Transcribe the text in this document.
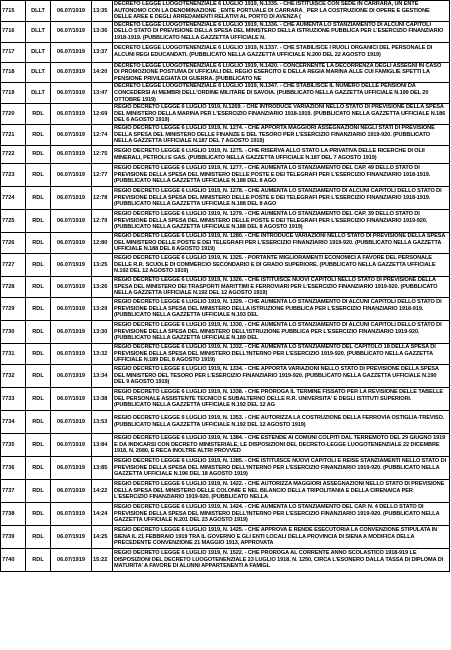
7715	DLLT	06.07/1919	13:35	DECRETO LEGGE LUOGOTENENZIALE 6 LUGLIO 1919, N.1335. - CHE ISTITUISCE CON SEDE IN CARRARA, UN ENTE AUTONOMO CON LA DENOMINAZIONE _ENTE PORTUALE DI CARRARA_ PER LA COSTRUZIONE DI OPERE E GESTIONE DELLE AREE E DEGLI ARREDAMENTI RELATIVI AL PORTO DI AVENZA (
7716	DLLT	06.07/1919	13:36	DECRETO LEGGE LUOGOTENENZIALE 6 LUGLIO 1919, N.1336. - CHE AUMENTA LO STANZIAMENTO DI ALCUNI CAPITOLI DELLO STATO DI PREVISIONE DELLA SPESA DEL MINISTERO DELLA ISTRUZIONE PUBBLICA PER L'ESERCIZIO FINANZIARIO 1918-1919. (PUBBLICATO NELLA GAZZETTA UFFICIALE N.
7717	DLLT	06.07/1919	13:37	DECRETO LEGGE LUOGOTENENZIALE 6 LUGLIO 1919, N.1337. - CHE STABILISCE I RUOLI ORGANICI DEL PERSONALE DI ALCUNI REGI EDUCANDATI. (PUBBLICATO NELLA GAZZETTA UFFICIALE N.200 DEL 22 AGOSTO 1919)
7718	DLLT	06.07/1919	14:20	DECRETO LEGGE LUOGOTENENZIALE 6 LUGLIO 1919, N.1420. - CONCERNENTE LA DECORRENZA DEGLI ASSEGNI IN CASO DI PROMOZIONE POSTUMA DI UFFICIALI DEL REGIO ESERCITO E DELLA REGIA MARINA ALLE CUI FAMIGLIE SPETTI LA PENSIONE PRIVILEGIATA DI GUERRA. (PUBBLICATO NE
7719	DLLT	06.07/1919	13:47	DECRETO LEGGE LUOGOTENENZIALE 6 LUGLIO 1919, N.1347. - CHE STABILISCE IL NUMERO DELLE PENSIONI DA CONCEDERSI AI MEMBRI DELL'ORDINE MILITARE DI SAVOIA. (PUBBLICATO NELLA GAZZETTA UFFICIALE N.199 DEL 20 OTTOBRE 1919)
7720	RDL	06.07/1919	12:69	REGIO DECRETO LEGGE 6 LUGLIO 1919, N.1269. - CHE INTRODUCE VARIAZIONI NELLO STATO DI PREVISIONE DELLA SPESA DEL MINISTERO DELLA MARINA PER L'ESERCIZIO FINANZIARIO 1918-1919. (PUBBLICATO NELLA GAZZETTA UFFICIALE N.186 DEL 6 AGOSTO 1919)
7721	RDL	06.07/1919	12:74	REGIO DECRETO LEGGE 6 LUGLIO 1919, N. 1274. - CHE APPORTA MAGGIORI ASSEGNAZIONI NEGLI STATI DI PREVISIONE DELLA SPESA DEL MINISTERO DELLE FINANZE E DEL TESORO PER L'ESERCIZIO FINANZIARIO 1919-920. (PUBBLICATO NELLA GAZZETTA UFFICIALE N.187 DEL 7 AGOSTO 1919)
7722	RDL	06.07/1919	12:75	REGIO DECRETO LEGGE 6 LUGLIO 1919, N. 1275. - CHE RISERVA ALLO STATO LA PRIVATIVA DELLE RICERCHE DI OLII MINERALI, PETROLI E GAS. (PUBBLICATO NELLA GAZZETTA UFFICIALE N.187 DEL 7 AGOSTO 1919)
7723	RDL	06.07/1919	12:77	REGIO DECRETO LEGGE 6 LUGLIO 1919, N. 1277. - CHE AUMENTA LO STANZIAMENTO DEL CAP. 49 DELLO STATO DI PREVISIONE DELLA SPESA DEL MINISTERO DELLE POSTE E DEI TELEGRAFI PER L'ESERCIZIO FINANZIARIO 1918-1919. (PUBBLICATO NELLA GAZZETTA UFFICIALE N.188 DEL 8 AGO
7724	RDL	06.07/1919	12:78	REGIO DECRETO LEGGE 6 LUGLIO 1919, N. 1278. - CHE AUMENTA LO STANZIAMENTO DI ALCUNI CAPITOLI DELLO STATO DI PREVISIONE DELLA SPESA DEL MINISTERO DELLE POSTE E DEI TELEGRAFI PER L'ESERCIZIO FINANZIARIO 1918-1919. (PUBBLICATO NELLA GAZZETTA UFFICIALE N.188 DEL 8 AGO
7725	RDL	06.07/1919	12:79	REGIO DECRETO LEGGE 6 LUGLIO 1919, N. 1279. - CHE AUMENTA LO STANZIAMENTO DEL CAP. 39 DELLO STATO DI PREVISIONE DELLA SPESA DEL MINISTERO DELLE POSTE E DEI TELEGRAFI PER L'ESERCIZIO FINANZIARIO 1919-920. (PUBBLICATO NELLA GAZZETTA UFFICIALE N.188 DEL 8 AGOSTO 1919)
7726	RDL	06.07/1919	12:80	REGIO DECRETO LEGGE 6 LUGLIO 1919, N. 1280. - CHE INTRODUCE VARIAZIONI NELLO STATO DI PREVISIONE DELLA SPESA DEL MINISTERO DELLE POSTE E DEI TELEGRAFI PER L'ESERCIZIO FINANZIARIO 1919-920. (PUBBLICATO NELLA GAZZETTA UFFICIALE N.188 DEL 8 AGOSTO 1919)
7727	RDL	06.07/1919	13:25	REGIO DECRETO LEGGE 6 LUGLIO 1919, N. 1325. - PORTANTE MIGLIORAMENTI ECONOMICI A FAVORE DEL PERSONALE DELLE R.R. SCUOLE DI COMMERCIO SECONDARIO E DI GRADO SUPERIORE. (PUBBLICATO NELLA GAZZETTA UFFICIALE N.192 DEL 12 AGOSTO 1919)
7728	RDL	06.07/1919	13:26	REGIO DECRETO LEGGE 6 LUGLIO 1919, N. 1326. - CHE ISTITUISCE NUOVI CAPITOLI NELLO STATO DI PREVISIONE DELLA SPESA DEL MINISTERO DEI TRASPORTI MARITTIMI E FERROVIARI PER L'ESERCIZIO FINANZIARIO 1919-920. (PUBBLICATO NELLA GAZZETTA UFFICIALE N.192 DEL 12 AGOSTO 1919)
7729	RDL	06.07/1919	13:29	REGIO DECRETO LEGGE 6 LUGLIO 1919, N. 1329. - CHE AUMENTA LO STANZIAMENTO DI ALCUNI CAPITOLI DELLO STATO DI PREVISIONE DELLA SPESA DEL MINISTERO DELLA ISTRUZIONE PUBBLICA PER L'ESERCIZIO FINANZIARIO 1918-919. (PUBBLICATO NELLA GAZZETTA UFFICIALE N.193 DEL
7730	RDL	06.07/1919	13:30	REGIO DECRETO LEGGE 6 LUGLIO 1919, N. 1330. - CHE AUMENTA LO STANZIAMENTO DI ALCUNI CAPITOLI DELLO STATO DI PREVISIONE DELLA SPESA DEL MINISTERO DELL'ISTRUZIONE PUBBLICA PER L'ESERCIZIO FINANZIARIO 1919-920. (PUBBLICATO NELLA GAZZETTA UFFICIALE N.189 DEL
7731	RDL	06.07/1919	13:32	REGIO DECRETO LEGGE 6 LUGLIO 1919, N. 1332. - CHE AUMENTA LO STANZIAMENTO DEL CAPITOLO 18 DELLA SPESA DI PREVISIONE DELLA SPESA DEL MINISTERO DELL'INTERNO PER L'ESERCIZIO 1919-920. (PUBBLICATO NELLA GAZZETTA UFFICIALE N.189 DEL 8 AGOSTO 1919)
7732	RDL	06.07/1919	13:34	REGIO DECRETO LEGGE 6 LUGLIO 1919, N. 1334. - CHE APPORTA VARIAZIONI NELLO STATO DI PREVISIONE DELLA SPESA DEL MINISTERO DEL TESORO PER L'ESERCIZIO FINANZIARIO 1919-920. (PUBBLICATO NELLA GAZZETTA UFFICIALE N.190 DEL 9 AGOSTO 1919)
7733	RDL	06.07/1919	13:38	REGIO DECRETO LEGGE 6 LUGLIO 1919, N. 1338. - CHE PROROGA IL TERMINE FISSATO PER LA REVISIONE DELLE TABELLE DEL PERSONALE ASSISTENTE TECNICO E SUBALTERNO DELLE R.R. UNIVERSITA' E DEGLI ISTITUTI SUPERIORI. (PUBBLICATO NELLA GAZZETTA UFFICIALE N.192 DEL 12 AG
7734	RDL	06.07/1919	13:53	REGIO DECRETO LEGGE 6 LUGLIO 1919, N. 1353. - CHE AUTORIZZA LA COSTRUZIONE DELLA FERROVIA OSTIGLIA-TREVISO. (PUBBLICATO NELLA GAZZETTA UFFICIALE N.192 DEL 12 AGOSTO 1919)
7735	RDL	06.07/1919	13:84	REGIO DECRETO LEGGE 6 LUGLIO 1919, N. 1384. - CHE ESTENDE AI COMUNI COLPITI DAL TERREMOTO DEL 29 GIUGNO 1919 E DA INDICARSI CON DECRETO MINISTERIALE, LE DISPOSIZIONI DEL DECRETO-LEGGE LUOGOTENENZIALE 22 DICEMBRE 1918, N. 2080, E RECA INOLTRE ALTRI PROVVED
7736	RDL	06.07/1919	13:85	REGIO DECRETO LEGGE 6 LUGLIO 1919, N. 1385. - CHE ISTITUISCE NUOVI CAPITOLI E REISE STANZIAMENTI NELLO STATO DI PREVISIONE DELLA SPESA DEL MINISTERO DELL'INTERNO PER L'ESERCIZIO FINANZIARIO 1919-920. (PUBBLICATO NELLA GAZZETTA UFFICIALE N.196 DEL 18 AGOSTO 1919)
7737	RDL	06.07/1919	14:22	REGIO DECRETO LEGGE 6 LUGLIO 1919, N. 1422. - CHE AUTORIZZA MAGGIORI ASSEGNAZIONI NELLO STATO DI PREVISIONE DELLA SPESA DEL MINISTERO DELLE COLONIE E NEL BILANCIO DELLA TRIPOLITANIA E DELLA CIRENAICA PER L'ESERCIZIO FINANZIARIO 1919-920. (PUBBLICATO NELLA
7738	RDL	06.07/1919	14:24	REGIO DECRETO LEGGE 6 LUGLIO 1919, N. 1424. - CHE AUMENTA LO STANZIAMENTO DEL CAP. N. 4 DELLO STATO DI PREVISIONE DELLA SPESA DEL MINISTERO DELL'INTERNO PER L'ESERCIZIO FINANZIARIO 1919-920. (PUBBLICATO NELLA GAZZETTA UFFICIALE N.201 DEL 23 AGOSTO 1919)
7739	RDL	06.07/1919	14:25	REGIO DECRETO LEGGE 6 LUGLIO 1919, N. 1425. - CHE APPROVA E RENDE ESECUTORIA LA CONVENZIONE STIPULATA IN SIENA IL 21 FEBBRAIO 1919 TRA IL GOVERNO E GLI ENTI LOCALI DELLA PROVINCIA DI SIENA A MODIFICA DELLA PRECEDENTE CONVENZIONE 21 MAGGIO 1913, APPROVATA
7740	RDL	06.07/1919	15:22	REGIO DECRETO LEGGE 6 LUGLIO 1919, N. 1522. - CHE PROROGA AL CORRENTE ANNO SCOLASTICO 1918-919 LE DISPOSIZIONI DEL DECRETO LUOGOTENENZIALE 23 LUGLIO 1918, N. 1250, CIRCA L'ESONERO DALLA TASSA DI DIPLOMA DI MATURITA' A FAVORE DI ALUNNI APPARTENENTI A FAMIGL
